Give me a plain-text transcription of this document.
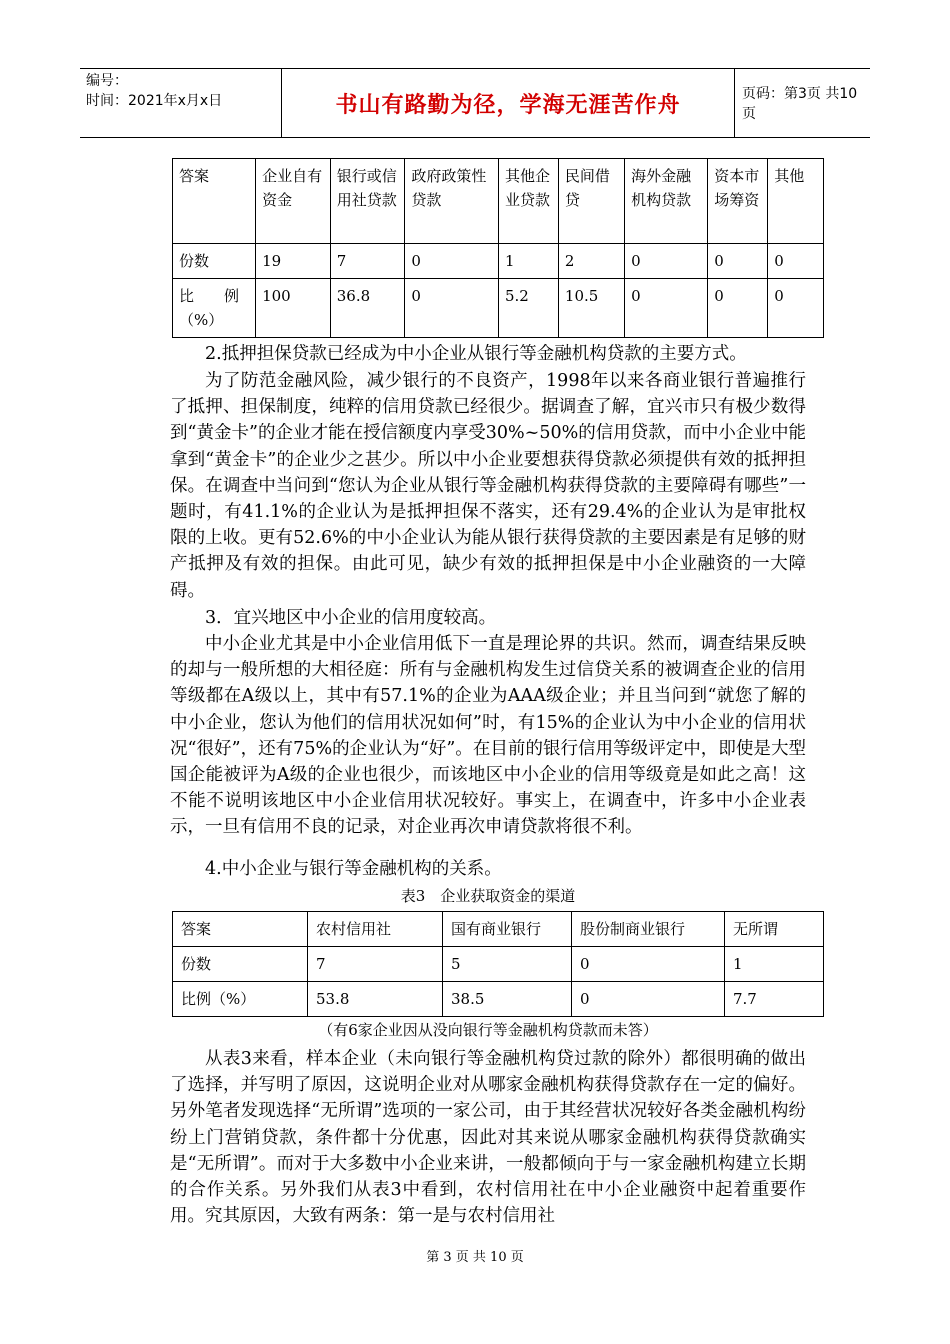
编号：
时间：2021年x月x日	书山有路勤为径，学海无涯苦作舟	页码：第3页 共10页
答案	企业自有资金	银行或信用社贷款	政府政策性贷款	其他企业贷款	民间借贷	海外金融机构贷款	资本市场筹资	其他
份数	19	7	0	1	2	0	0	0
比　　例（%）	100	36.8	0	5.2	10.5	0	0	0

2.抵押担保贷款已经成为中小企业从银行等金融机构贷款的主要方式。

为了防范金融风险，减少银行的不良资产，1998年以来各商业银行普遍推行了抵押、担保制度，纯粹的信用贷款已经很少。据调查了解，宜兴市只有极少数得到“黄金卡”的企业才能在授信额度内享受30%~50%的信用贷款，而中小企业中能拿到“黄金卡”的企业少之甚少。所以中小企业要想获得贷款必须提供有效的抵押担保。在调查中当问到“您认为企业从银行等金融机构获得贷款的主要障碍有哪些”一题时，有41.1%的企业认为是抵押担保不落实，还有29.4%的企业认为是审批权限的上收。更有52.6%的中小企业认为能从银行获得贷款的主要因素是有足够的财产抵押及有效的担保。由此可见，缺少有效的抵押担保是中小企业融资的一大障碍。

3．宜兴地区中小企业的信用度较高。

中小企业尤其是中小企业信用低下一直是理论界的共识。然而，调查结果反映的却与一般所想的大相径庭：所有与金融机构发生过信贷关系的被调查企业的信用等级都在A级以上，其中有57.1%的企业为AAA级企业；并且当问到“就您了解的中小企业，您认为他们的信用状况如何”时，有15%的企业认为中小企业的信用状况“很好”，还有75%的企业认为“好”。在目前的银行信用等级评定中，即使是大型国企能被评为A级的企业也很少，而该地区中小企业的信用等级竟是如此之高！这不能不说明该地区中小企业信用状况较好。事实上，在调查中，许多中小企业表示，一旦有信用不良的记录，对企业再次申请贷款将很不利。

4.中小企业与银行等金融机构的关系。

表3　企业获取资金的渠道

答案	农村信用社	国有商业银行	股份制商业银行	无所谓
份数	7	5	0	1
比例（%）	53.8	38.5	0	7.7

（有6家企业因从没向银行等金融机构贷款而未答）

从表3来看，样本企业（未向银行等金融机构贷过款的除外）都很明确的做出了选择，并写明了原因，这说明企业对从哪家金融机构获得贷款存在一定的偏好。另外笔者发现选择“无所谓”选项的一家公司，由于其经营状况较好各类金融机构纷纷上门营销贷款，条件都十分优惠，因此对其来说从哪家金融机构获得贷款确实是“无所谓”。而对于大多数中小企业来讲，一般都倾向于与一家金融机构建立长期的合作关系。另外我们从表3中看到，农村信用社在中小企业融资中起着重要作用。究其原因，大致有两条：第一是与农村信用社

第 3 页 共 10 页
